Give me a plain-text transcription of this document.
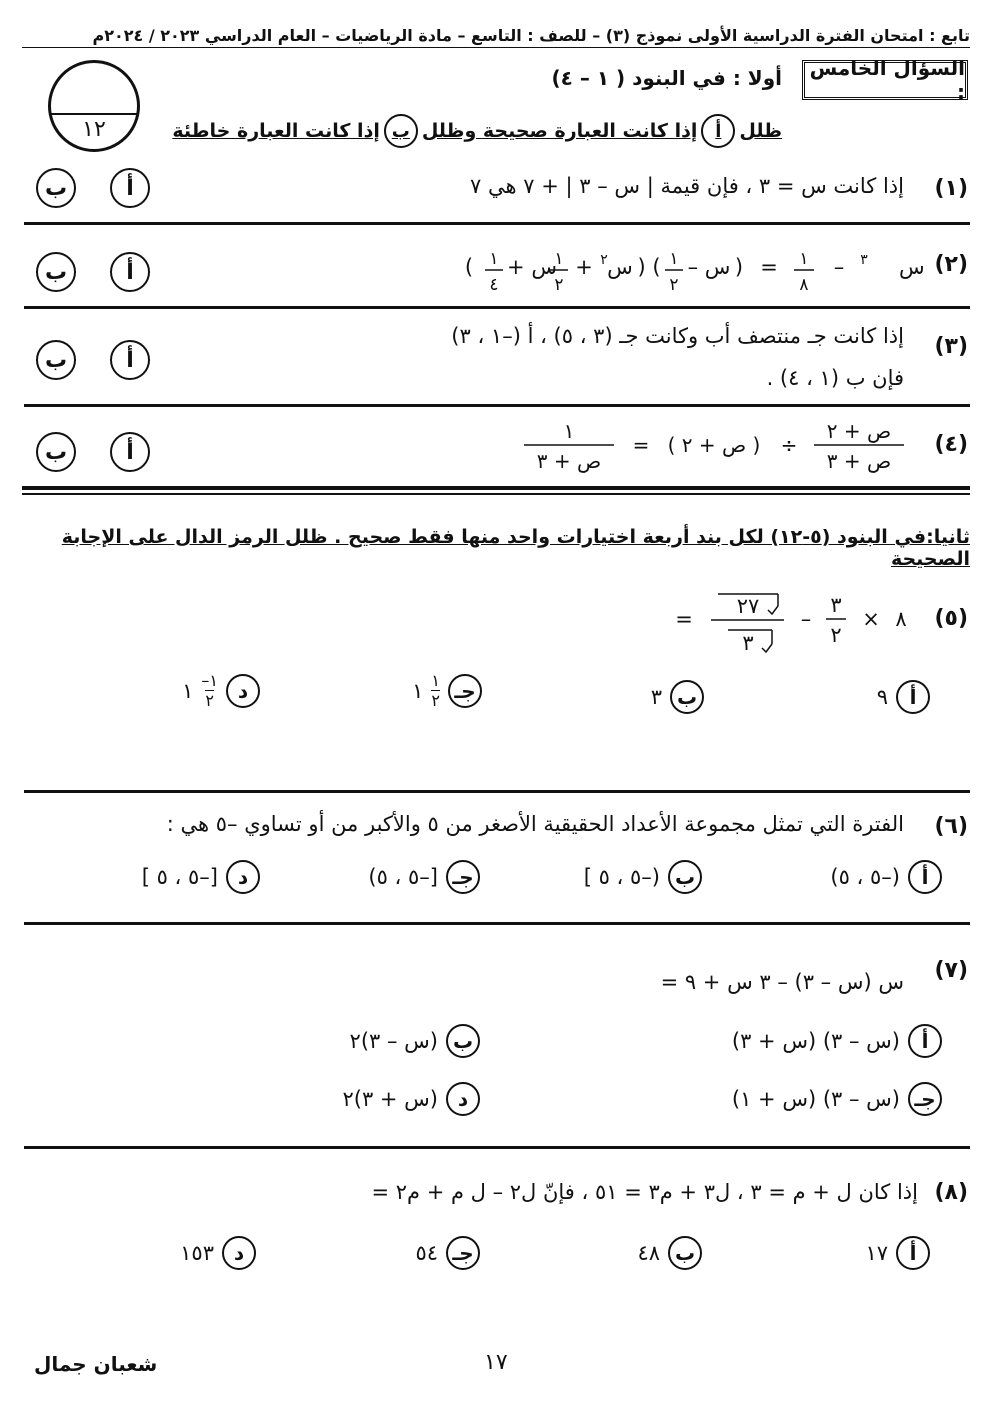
تابع : امتحان الفترة الدراسية الأولى نموذج (٣) – للصف : التاسع – مادة الرياضيات – العام الدراسي ٢٠٢٣ / ٢٠٢٤م
السؤال الخامس :
١٢
أولا : في البنود ( ١ – ٤)
ظلل
أ
إذا كانت العبارة صحيحة وظلل
ب
إذا كانت العبارة خاطئة
(١)
إذا كانت س = ٣ ، فإن قيمة | س – ٣ | + ٧ هي ٧
أ
ب
(٢)
س
٣
–
١
٨
=
(
س –
١
٢
) (
س
٢
+
١
٢
س +
١
٤
)
أ
ب
(٣)
إذا كانت جـ منتصف أب وكانت جـ (٣ ، ٥) ، أ (–١ ، ٣)
فإن ب (١ ، ٤) .
أ
ب
(٤)
ص + ٢
ص + ٣
÷
( ص + ٢ )
=
١
ص + ٣
أ
ب
ثانيا:في البنود (٥-١٢) لكل بند أربعة اختيارات واحد منها فقط صحيح . ظلل الرمز الدال على الإجابة الصحيحة
(٥)
٨
×
٣
٢
–
٢٧
٣
=
أ
٩
ب
٣
جـ
١
٢
١
د
١–
٢
١
(٦)
الفترة التي تمثل مجموعة الأعداد الحقيقية الأصغر من ٥ والأكبر من أو تساوي –٥ هي :
أ
(–٥ ، ٥)
ب
(–٥ ، ٥ ]
جـ
[–٥ ، ٥)
د
[–٥ ، ٥ ]
(٧)
س (س – ٣) – ٣ س + ٩ =
أ
(س – ٣) (س + ٣)
ب
(س – ٣)٢
جـ
(س – ٣) (س + ١)
د
(س + ٣)٢
(٨)
إذا كان ل + م = ٣ ، ل٣ + م٣ = ٥١ ، فإنّ ل٢ – ل م + م٢ =
أ
١٧
ب
٤٨
جـ
٥٤
د
١٥٣
شعبان جمال	١٧
